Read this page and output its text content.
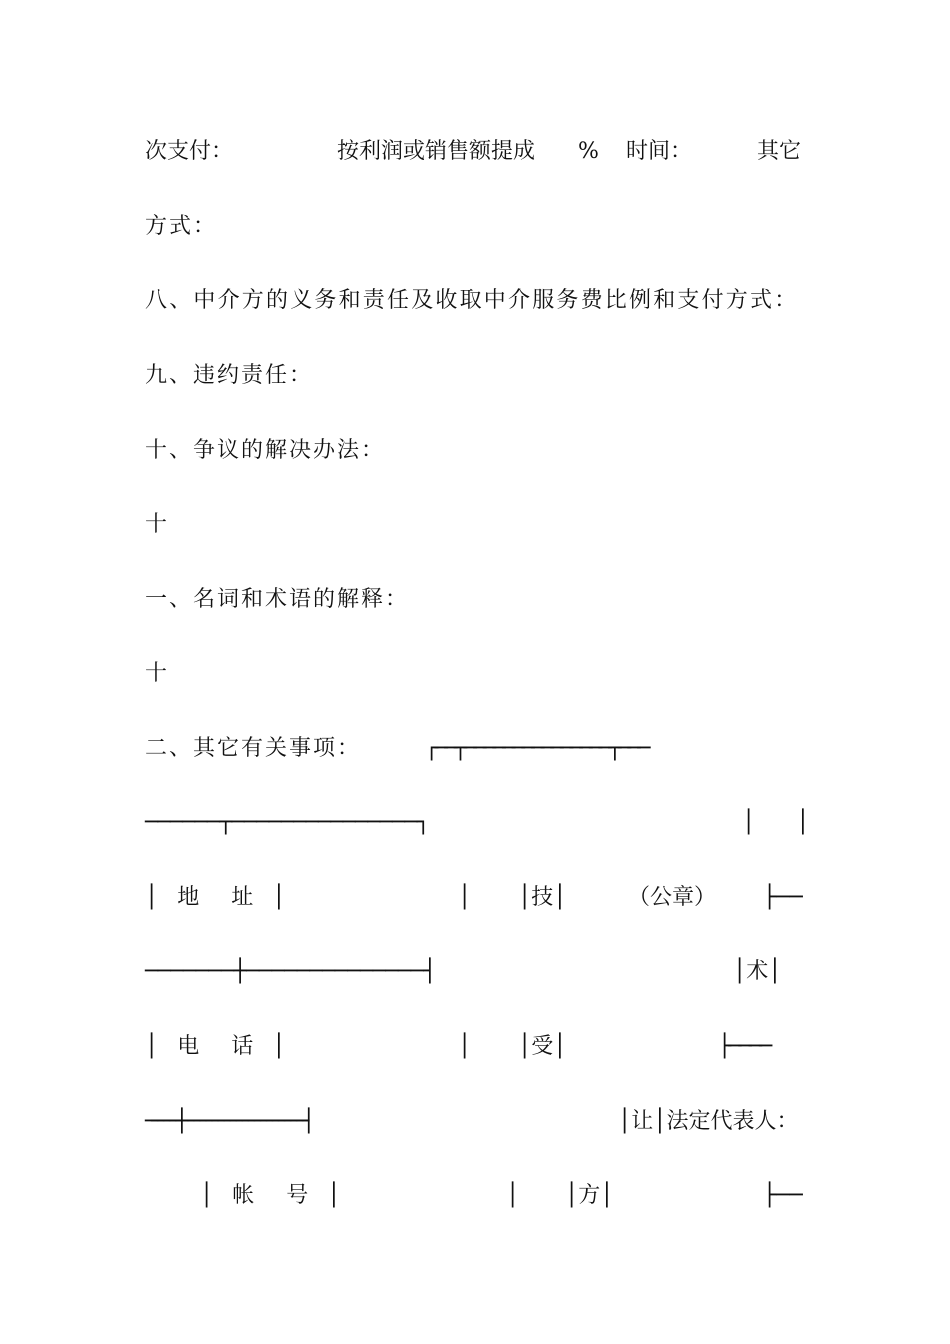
次支付：	按利润或销售额提成 % 时间：	其它
方式：
八、中介方的义务和责任及收取中介服务费比例和支付方式：
九、违约责任：
十、争议的解决办法：
十
一、名词和术语的解释：
十
二、其它有关事项：	┌──┬───────────────┬───
──────┬───────────────┐	│  │
│ 地  址 │	│ │技│	（公章） ├──
───────┼──────────────┤	│术│
│ 电  话 │	│ │受│	├────
─────┼────────────────────┤	│让│法定代表人：
│ 帐  号 │	│ │方│	├──
